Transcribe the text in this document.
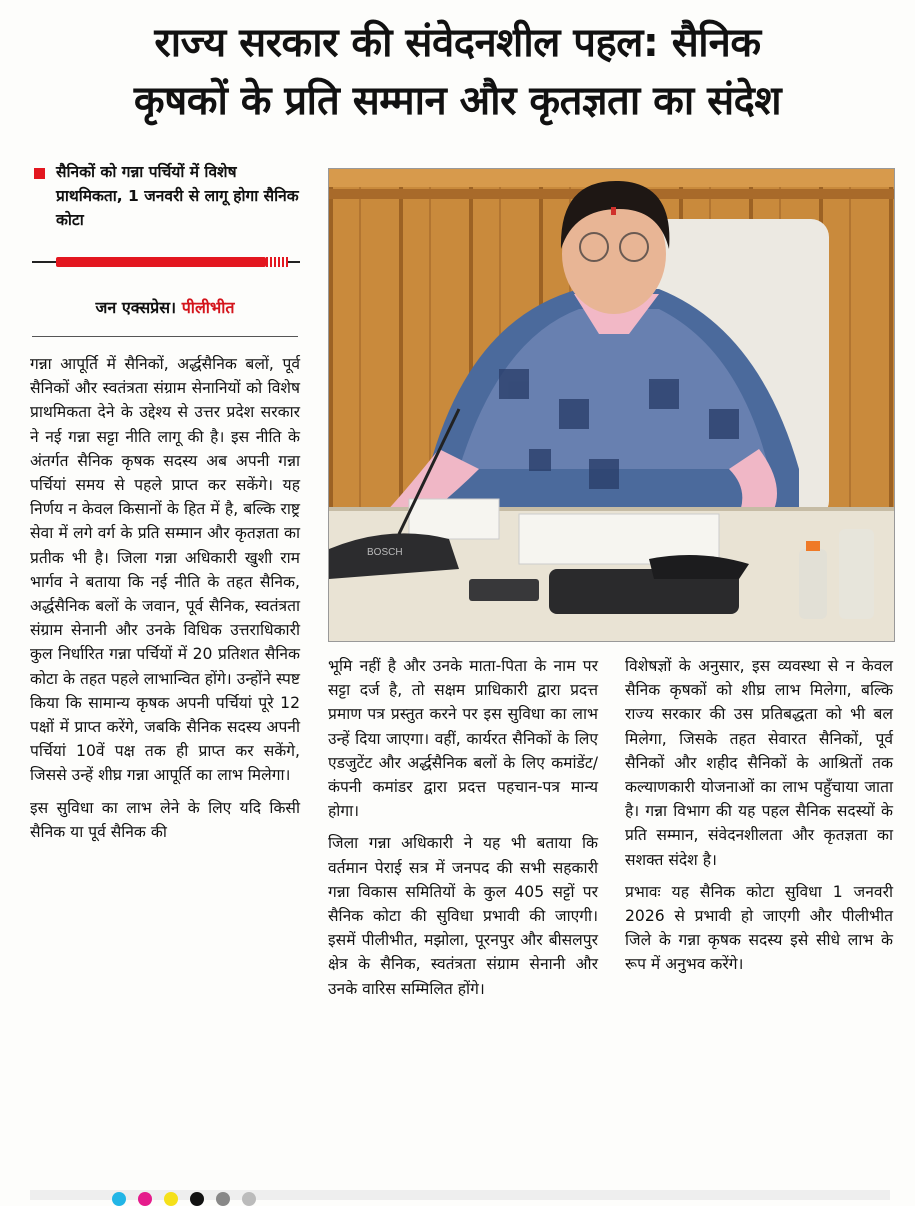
राज्य सरकार की संवेदनशील पहल: सैनिक
कृषकों के प्रति सम्मान और कृतज्ञता का संदेश
सैनिकों को गन्ना पर्चियों में विशेष प्राथमिकता, 1 जनवरी से लागू होगा सैनिक कोटा
जन एक्सप्रेस। पीलीभीत
BOSCH

गन्ना आपूर्ति में सैनिकों, अर्द्धसैनिक बलों, पूर्व सैनिकों और स्वतंत्रता संग्राम सेनानियों को विशेष प्राथमिकता देने के उद्देश्य से उत्तर प्रदेश सरकार ने नई गन्ना सट्टा नीति लागू की है। इस नीति के अंतर्गत सैनिक कृषक सदस्य अब अपनी गन्ना पर्चियां समय से पहले प्राप्त कर सकेंगे। यह निर्णय न केवल किसानों के हित में है, बल्कि राष्ट्र सेवा में लगे वर्ग के प्रति सम्मान और कृतज्ञता का प्रतीक भी है। जिला गन्ना अधिकारी खुशी राम भार्गव ने बताया कि नई नीति के तहत सैनिक, अर्द्धसैनिक बलों के जवान, पूर्व सैनिक, स्वतंत्रता संग्राम सेनानी और उनके विधिक उत्तराधिकारी कुल निर्धारित गन्ना पर्चियों में 20 प्रतिशत सैनिक कोटा के तहत पहले लाभान्वित होंगे। उन्होंने स्पष्ट किया कि सामान्य कृषक अपनी पर्चियां पूरे 12 पक्षों में प्राप्त करेंगे, जबकि सैनिक सदस्य अपनी पर्चियां 10वें पक्ष तक ही प्राप्त कर सकेंगे, जिससे उन्हें शीघ्र गन्ना आपूर्ति का लाभ मिलेगा।

इस सुविधा का लाभ लेने के लिए यदि किसी सैनिक या पूर्व सैनिक की

भूमि नहीं है और उनके माता-पिता के नाम पर सट्टा दर्ज है, तो सक्षम प्राधिकारी द्वारा प्रदत्त प्रमाण पत्र प्रस्तुत करने पर इस सुविधा का लाभ उन्हें दिया जाएगा। वहीं, कार्यरत सैनिकों के लिए एडजुटेंट और अर्द्धसैनिक बलों के लिए कमांडेंट/कंपनी कमांडर द्वारा प्रदत्त पहचान-पत्र मान्य होगा।

जिला गन्ना अधिकारी ने यह भी बताया कि वर्तमान पेराई सत्र में जनपद की सभी सहकारी गन्ना विकास समितियों के कुल 405 सट्टों पर सैनिक कोटा की सुविधा प्रभावी की जाएगी। इसमें पीलीभीत, मझोला, पूरनपुर और बीसलपुर क्षेत्र के सैनिक, स्वतंत्रता संग्राम सेनानी और उनके वारिस सम्मिलित होंगे।

विशेषज्ञों के अनुसार, इस व्यवस्था से न केवल सैनिक कृषकों को शीघ्र लाभ मिलेगा, बल्कि राज्य सरकार की उस प्रतिबद्धता को भी बल मिलेगा, जिसके तहत सेवारत सैनिकों, पूर्व सैनिकों और शहीद सैनिकों के आश्रितों तक कल्याणकारी योजनाओं का लाभ पहुँचाया जाता है। गन्ना विभाग की यह पहल सैनिक सदस्यों के प्रति सम्मान, संवेदनशीलता और कृतज्ञता का सशक्त संदेश है।

प्रभावः यह सैनिक कोटा सुविधा 1 जनवरी 2026 से प्रभावी हो जाएगी और पीलीभीत जिले के गन्ना कृषक सदस्य इसे सीधे लाभ के रूप में अनुभव करेंगे।
